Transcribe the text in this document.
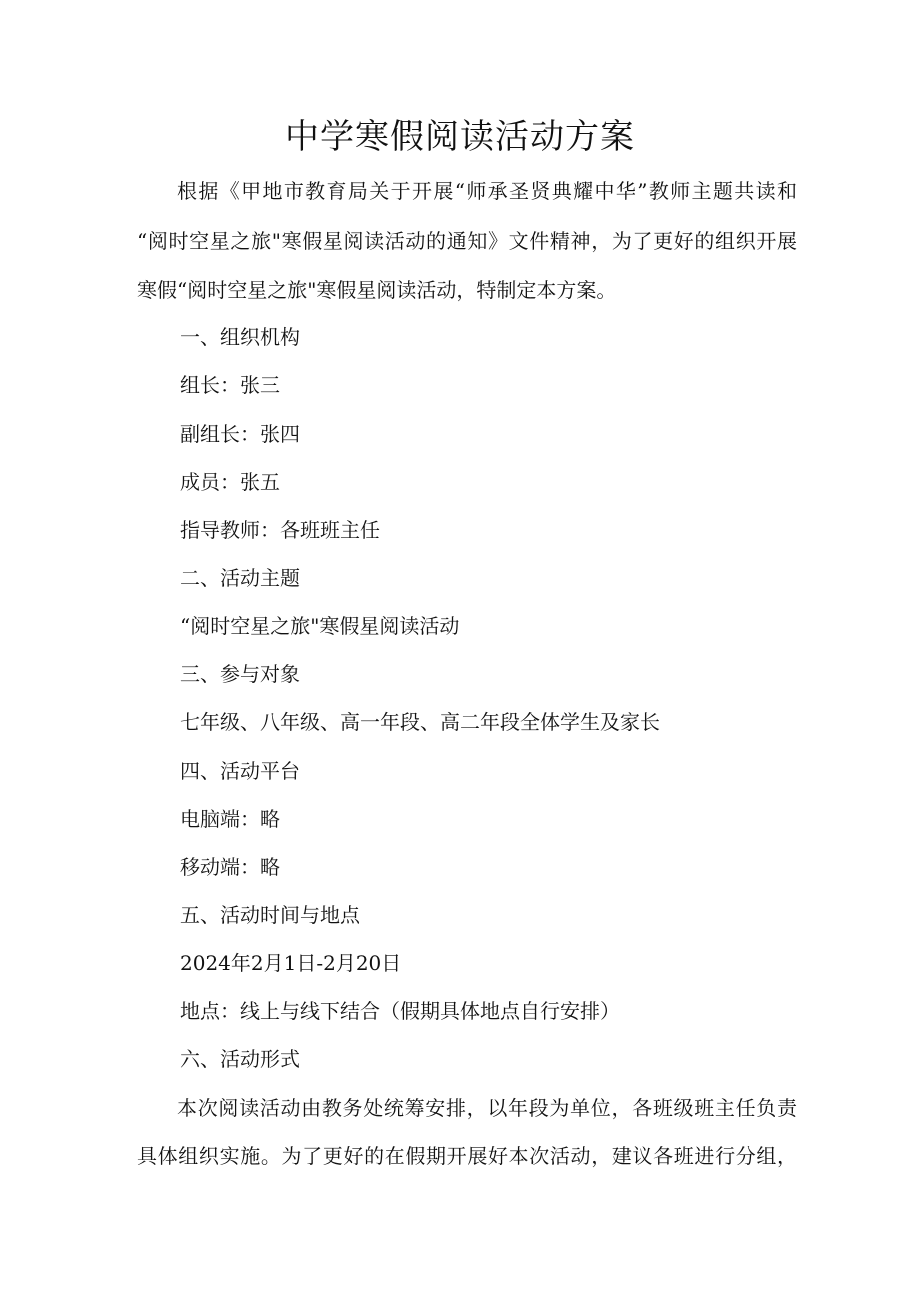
中学寒假阅读活动方案

根据《甲地市教育局关于开展“师承圣贤典耀中华”教师主题共读和

“阅时空星之旅"寒假星阅读活动的通知》文件精神，为了更好的组织开展

寒假“阅时空星之旅"寒假星阅读活动，特制定本方案。

一、组织机构

组长：张三

副组长：张四

成员：张五

指导教师：各班班主任

二、活动主题

“阅时空星之旅"寒假星阅读活动

三、参与对象

七年级、八年级、高一年段、高二年段全体学生及家长

四、活动平台

电脑端：略

移动端：略

五、活动时间与地点

2024年2月1日-2月20日

地点：线上与线下结合（假期具体地点自行安排）

六、活动形式

本次阅读活动由教务处统筹安排，以年段为单位，各班级班主任负责

具体组织实施。为了更好的在假期开展好本次活动，建议各班进行分组，
